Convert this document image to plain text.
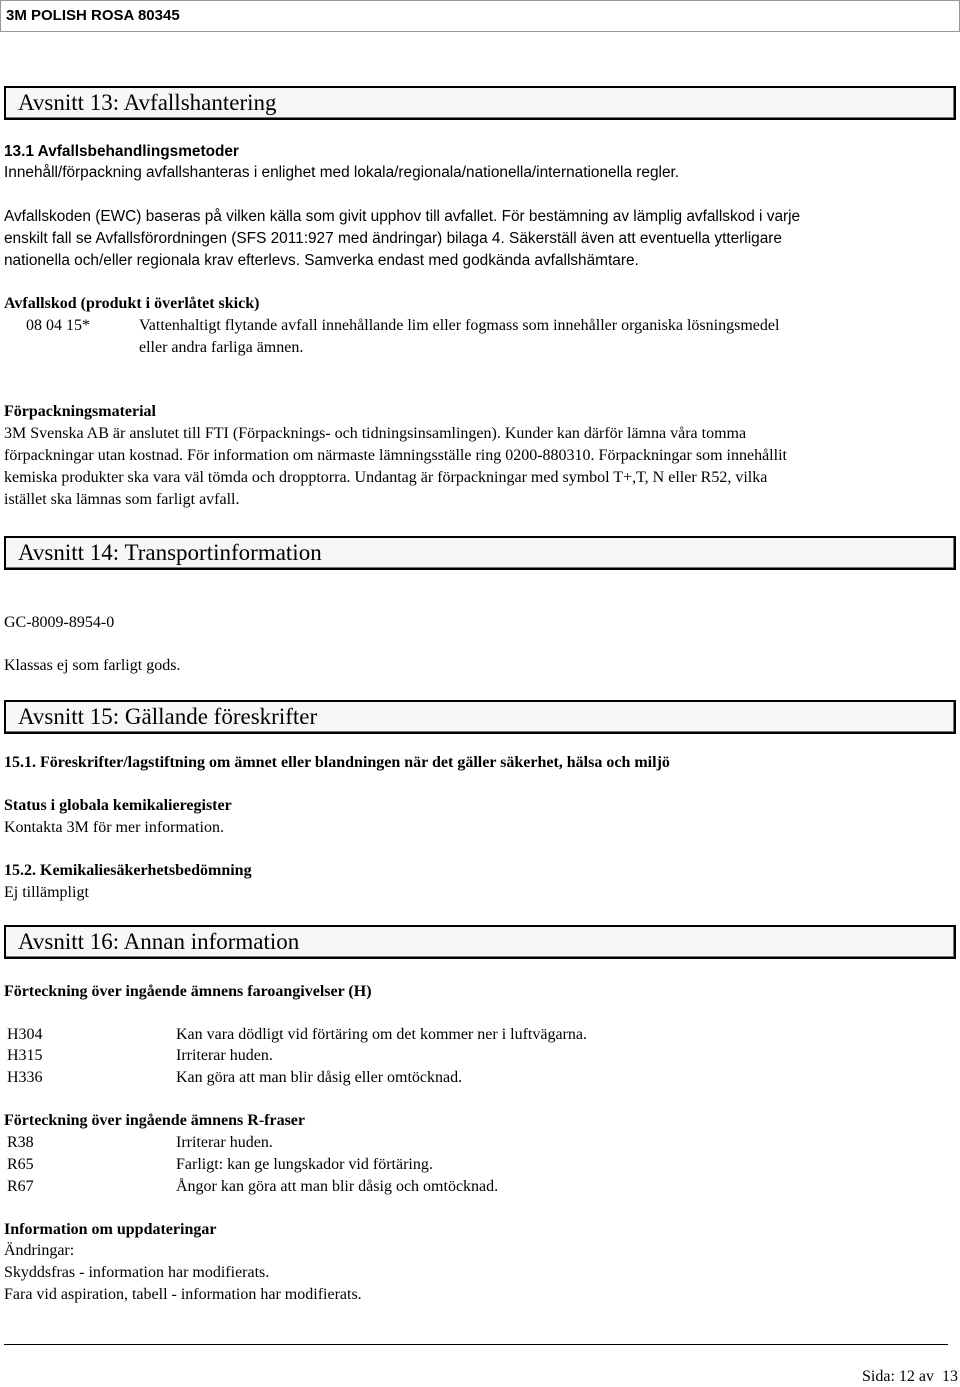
3M POLISH ROSA 80345
Avsnitt 13: Avfallshantering
13.1 Avfallsbehandlingsmetoder
Innehåll/förpackning avfallshanteras i enlighet med lokala/regionala/nationella/internationella regler.
Avfallskoden (EWC) baseras på vilken källa som givit upphov till avfallet. För bestämning av lämplig avfallskod i varje
enskilt fall se Avfallsförordningen (SFS 2011:927 med ändringar) bilaga 4. Säkerställ även att eventuella ytterligare
nationella och/eller regionala krav efterlevs. Samverka endast med godkända avfallshämtare.
Avfallskod (produkt i överlåtet skick)
08 04 15*	Vattenhaltigt flytande avfall innehållande lim eller fogmass som innehåller organiska lösningsmedel
eller andra farliga ämnen.
Förpackningsmaterial
3M Svenska AB är anslutet till FTI (Förpacknings- och tidningsinsamlingen). Kunder kan därför lämna våra tomma
förpackningar utan kostnad. För information om närmaste lämningsställe ring 0200-880310. Förpackningar som innehållit
kemiska produkter ska vara väl tömda och dropptorra. Undantag är förpackningar med symbol T+,T, N eller R52, vilka
istället ska lämnas som farligt avfall.
Avsnitt 14: Transportinformation
GC-8009-8954-0
Klassas ej som farligt gods.
Avsnitt 15: Gällande föreskrifter
15.1. Föreskrifter/lagstiftning om ämnet eller blandningen när det gäller säkerhet, hälsa och miljö
Status i globala kemikalieregister
Kontakta 3M för mer information.
15.2. Kemikaliesäkerhetsbedömning
Ej tillämpligt
Avsnitt 16: Annan information
Förteckning över ingående ämnens faroangivelser (H)
H304	Kan vara dödligt vid förtäring om det kommer ner i luftvägarna.
H315	Irriterar huden.
H336	Kan göra att man blir dåsig eller omtöcknad.
Förteckning över ingående ämnens R-fraser
R38	Irriterar huden.
R65	Farligt: kan ge lungskador vid förtäring.
R67	Ångor kan göra att man blir dåsig och omtöcknad.
Information om uppdateringar
Ändringar:
Skyddsfras - information har modifierats.
Fara vid aspiration, tabell - information har modifierats.
Sida: 12 av  13
